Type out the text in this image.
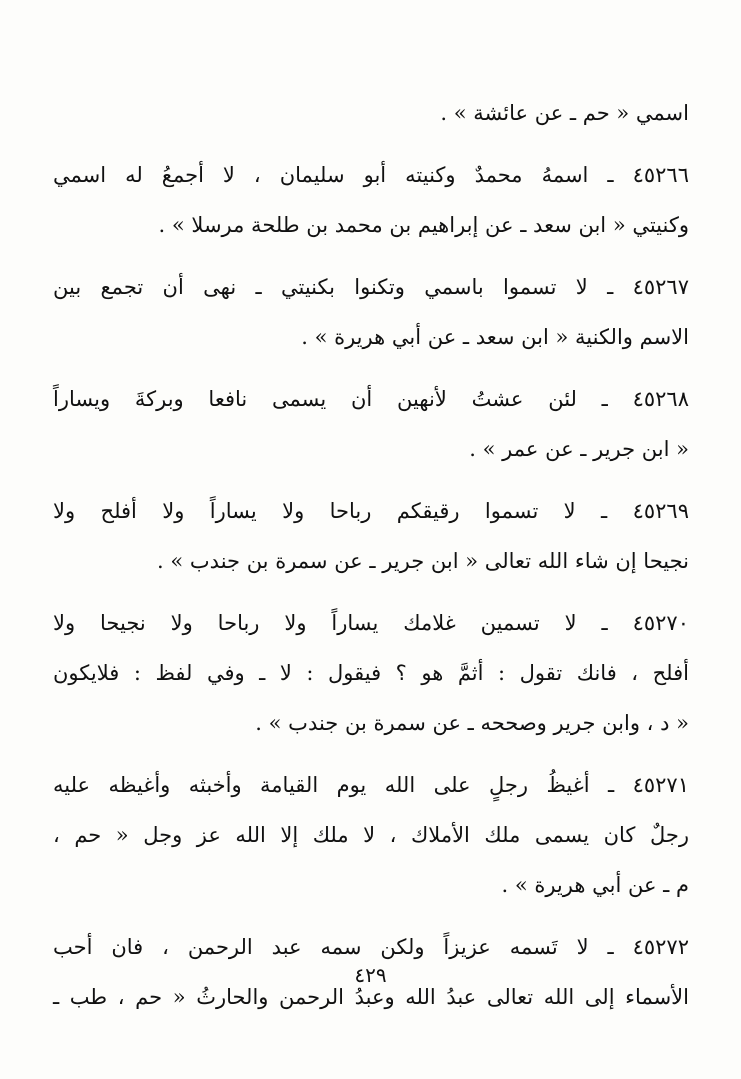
اسمي « حم ـ عن عائشة » .
٤٥٢٦٦ ـ اسمهُ محمدٌ وكنيته أبو سليمان ، لا أجمعُ له اسمي
وكنيتي « ابن سعد ـ عن إبراهيم بن محمد بن طلحة مرسلا » .
٤٥٢٦٧ ـ لا تسموا باسمي وتكنوا بكنيتي ـ نهى أن تجمع بين
الاسم والكنية « ابن سعد ـ عن أبي هريرة » .
٤٥٢٦٨ ـ لئن عشتُ لأنهين أن يسمى نافعا وبركةَ ويساراً
« ابن جرير ـ عن عمر » .
٤٥٢٦٩ ـ لا تسموا رقيقكم رباحا ولا يساراً ولا أفلح ولا
نجيحا إن شاء الله تعالى « ابن جرير ـ عن سمرة بن جندب » .
٤٥٢٧٠ ـ لا تسمين غلامك يساراً ولا رباحا ولا نجيحا ولا
أفلح ، فانك تقول : أثمَّ هو ؟ فيقول : لا ـ وفي لفظ : فلايكون
« د ، وابن جرير وصححه ـ عن سمرة بن جندب » .
٤٥٢٧١ ـ أغيظُ رجلٍ على الله يوم القيامة وأخبثه وأغيظه عليه
رجلٌ كان يسمى ملك الأملاك ، لا ملك إلا الله عز وجل « حم ،
م ـ عن أبي هريرة » .
٤٥٢٧٢ ـ لا تَسمه عزيزاً ولكن سمه عبد الرحمن ، فان أحب
الأسماء إلى الله تعالى عبدُ الله وعبدُ الرحمن والحارثُ « حم ، طب ـ
٤٢٩
